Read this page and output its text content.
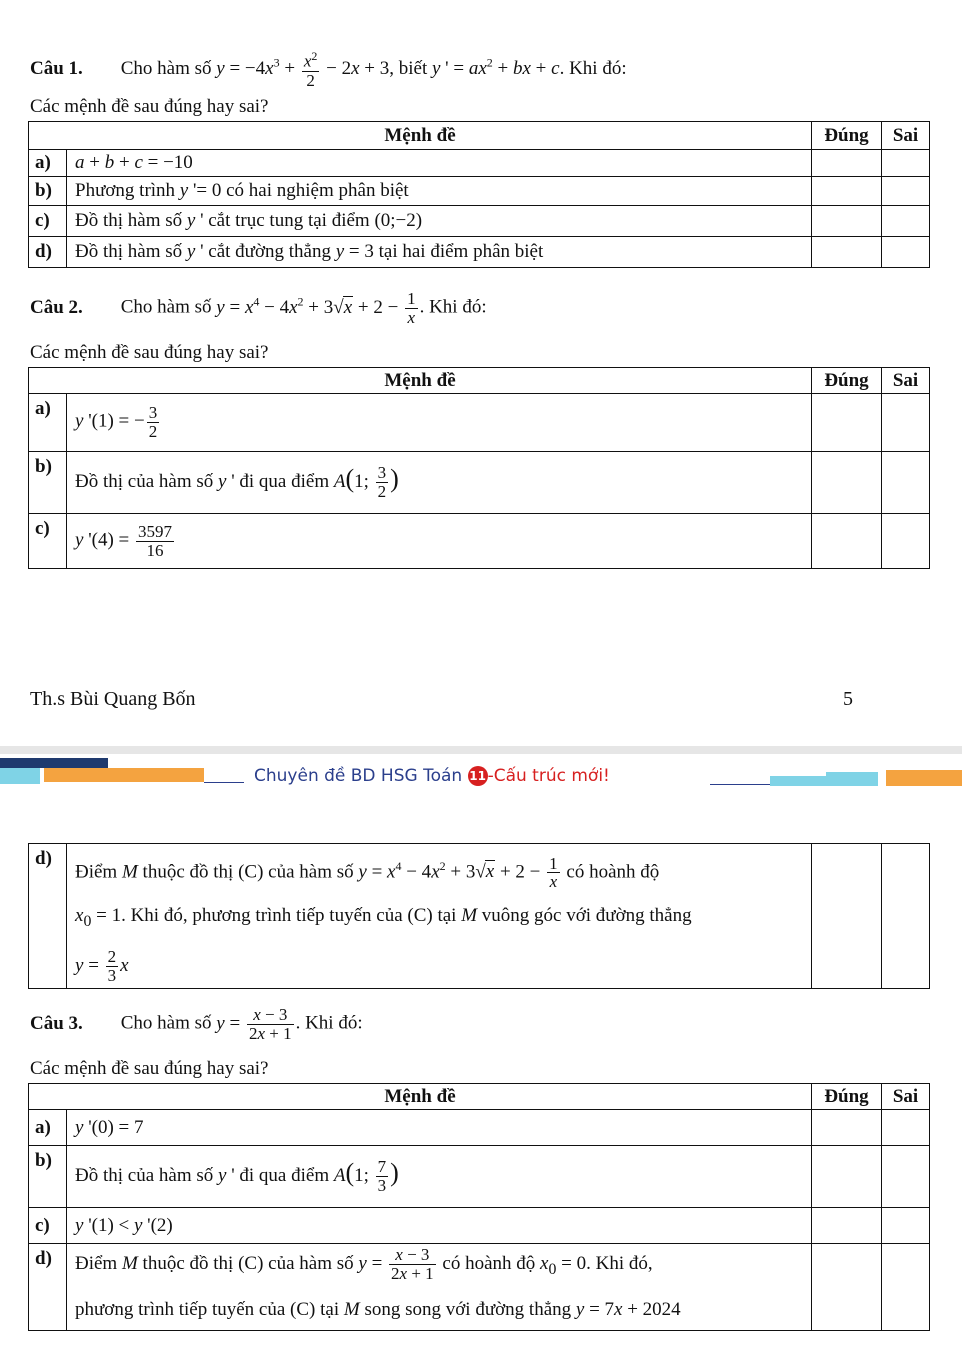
Câu 1. Cho hàm số $y = -4x^3 + \frac{x^2}{2} - 2x + 3$, biết y ' = $ax^2$ + bx + c. Khi đó:
Các mệnh đề sau đúng hay sai?
Mệnh đề		Đúng	Sai
a)	a + b + c = −10		
b)	Phương trình y '= 0 có hai nghiệm phân biệt		
c)	Đồ thị hàm số y ' cắt trục tung tại điểm (0;−2)		
d)	Đồ thị hàm số y ' cắt đường thẳng y = 3 tại hai điểm phân biệt		
Câu 2. Cho hàm số $y = x^4 - 4x^2 + 3√x + 2 - \frac{1}{x}$ . Khi đó:
Các mệnh đề sau đúng hay sai?
Mệnh đề		Đúng	Sai
a)	y '(1) = − $\frac{3}{2}$

b)	Đồ thị của hàm số y ' đi qua điểm A(1; $\frac{3}{2}$ )		
c)	y '$(4) = \frac{3597}{16}$

Th.s Bùi Quang Bốn	5
Chuyên đề BD HSG Toán 11-Cấu trúc mới!
d)	
Điểm M thuộc đồ thị (C) của hàm số $y = x^4 - 4x^2 + 3√x + 2 - \frac{1}{x}$ có hoành độ
$x_0 = 1$. Khi đó, phương trình tiếp tuyến của (C) tại M vuông góc với đường thẳng
$y = \frac{2}{3}$ x

Câu 3. Cho hàm số $y = \frac{x - 3}{2x + 1}$ . Khi đó:
Các mệnh đề sau đúng hay sai?
Mệnh đề		Đúng	Sai
a)	y '(0) = 7		
b)	Đồ thị của hàm số y ' đi qua điểm A(1; $\frac{7}{3}$ )		
c)	y '(1) < y '(2)		
d)	Điểm M thuộc đồ thị (C) của hàm số $y = \frac{x - 3}{2x + 1}$ có hoành độ $x_0 = 0$. Khi đó,
phương trình tiếp tuyến của (C) tại M song song với đường thẳng y = 7x + 2024		
